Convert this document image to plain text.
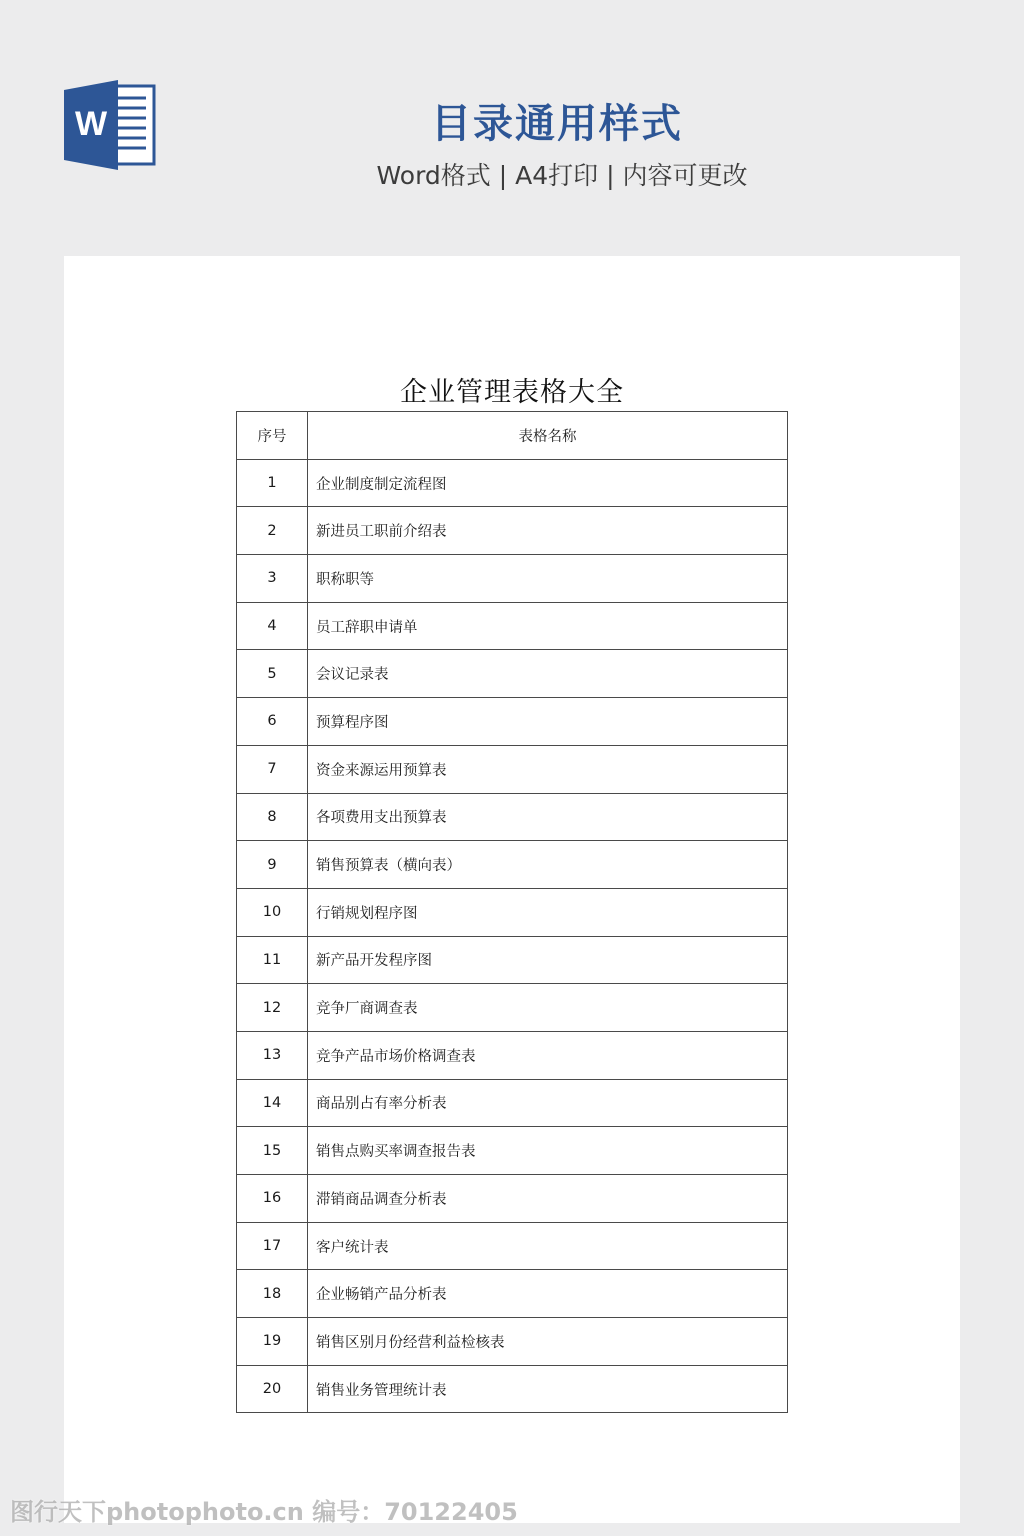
W	目录通用样式
Word格式 | A4打印 | 内容可更改
企业管理表格大全
序号	表格名称
1	企业制度制定流程图
2	新进员工职前介绍表
3	职称职等
4	员工辞职申请单
5	会议记录表
6	预算程序图
7	资金来源运用预算表
8	各项费用支出预算表
9	销售预算表（横向表）
10	行销规划程序图
11	新产品开发程序图
12	竞争厂商调查表
13	竞争产品市场价格调查表
14	商品别占有率分析表
15	销售点购买率调查报告表
16	滞销商品调查分析表
17	客户统计表
18	企业畅销产品分析表
19	销售区别月份经营利益检核表
20	销售业务管理统计表
图行天下photophoto.cn 编号：70122405
